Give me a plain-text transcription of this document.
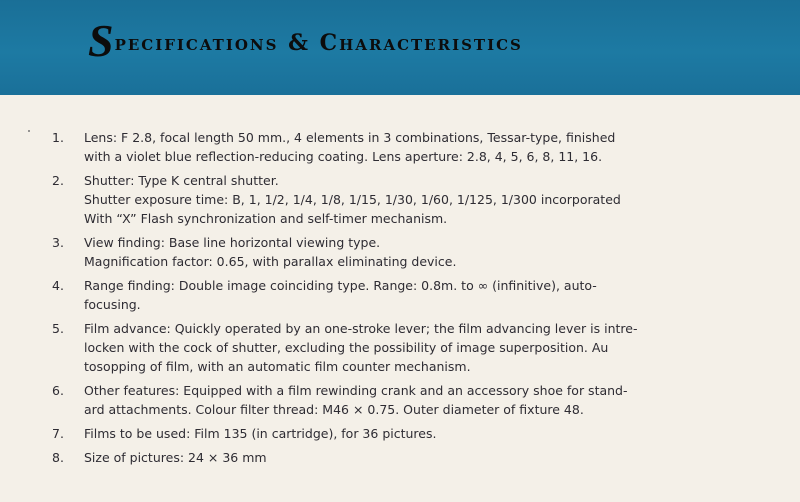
Specifications & Characteristics
1.	Lens: F 2.8, focal length 50 mm., 4 elements in 3 combinations, Tessar-type, finished
with a violet blue reflection-reducing coating. Lens aperture: 2.8, 4, 5, 6, 8, 11, 16.
2.	Shutter: Type K central shutter.
Shutter exposure time: B, 1, 1/2, 1/4, 1/8, 1/15, 1/30, 1/60, 1/125, 1/300 incorporated
With “X” Flash synchronization and self-timer mechanism.
3.	View finding: Base line horizontal viewing type.
Magnification factor: 0.65, with parallax eliminating device.
4.	Range finding: Double image coinciding type. Range: 0.8m. to ∞ (infinitive), auto-
focusing.
5.	Film advance: Quickly operated by an one-stroke lever; the film advancing lever is intre-
locken with the cock of shutter, excluding the possibility of image superposition. Au
tosopping of film, with an automatic film counter mechanism.
6.	Other features: Equipped with a film rewinding crank and an accessory shoe for stand-
ard attachments. Colour filter thread: M46 × 0.75. Outer diameter of fixture 48.
7.	Films to be used: Film 135 (in cartridge), for 36 pictures.
8.	Size of pictures: 24 × 36 mm
